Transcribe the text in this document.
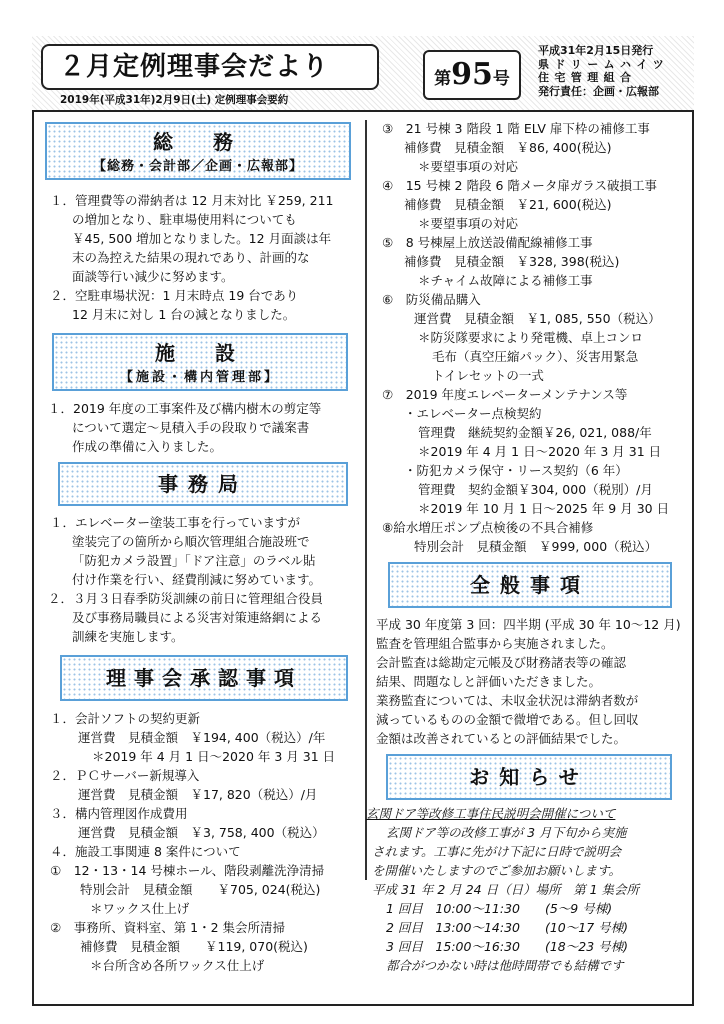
２月定例理事会だより
2019年(平成31年)2月9日(土) 定例理事会要約
第95号
平成31年2月15日発行
県ドリームハイツ
住宅管理組合
発行責任：企画・広報部
総　務
【総務・会計部／企画・広報部】
１．管理費等の滞納者は 12 月末対比 ￥259, 211
の増加となり、駐車場使用料についても
￥45, 500 増加となりました。12 月面談は年
末の為控えた結果の現れであり、計画的な
面談等行い減少に努めます。
２．空駐車場状況：1 月末時点 19 台であり
12 月末に対し 1 台の減となりました。
施　設
【施設・構内管理部】
１．2019 年度の工事案件及び構内樹木の剪定等
について選定～見積入手の段取りで議案書
作成の準備に入りました。
事務局
１．エレベーター塗装工事を行っていますが
塗装完了の箇所から順次管理組合施設班で
「防犯カメラ設置」「ドア注意」のラベル貼
付け作業を行い、経費削減に努めています。
２．３月３日春季防災訓練の前日に管理組合役員
及び事務局職員による災害対策連絡網による
訓練を実施します。
理事会承認事項
１．会計ソフトの契約更新
運営費　見積金額　￥194, 400（税込）/年
＊2019 年 4 月 1 日～2020 年 3 月 31 日
２．ＰＣサーバー新規導入
運営費　見積金額　￥17, 820（税込）/月
３．構内管理図作成費用
運営費　見積金額　￥3, 758, 400（税込）
４．施設工事関連 8 案件について
①　12・13・14 号棟ホール、階段剥離洗浄清掃
特別会計　見積金額　　￥705, 024(税込)
＊ワックス仕上げ
②　事務所、資料室、第 1・2 集会所清掃
補修費　見積金額　　￥119, 070(税込)
＊台所含め各所ワックス仕上げ
③　21 号棟 3 階段 1 階 ELV 扉下枠の補修工事
補修費　見積金額　￥86, 400(税込)
＊要望事項の対応
④　15 号棟 2 階段 6 階メータ扉ガラス破損工事
補修費　見積金額　￥21, 600(税込)
＊要望事項の対応
⑤　8 号棟屋上放送設備配線補修工事
補修費　見積金額　￥328, 398(税込)
＊チャイム故障による補修工事
⑥　防災備品購入
運営費　見積金額　￥1, 085, 550（税込）
＊防災隊要求により発電機、卓上コンロ
毛布（真空圧縮パック）、災害用緊急
トイレセットの一式
⑦　2019 年度エレベーターメンテナンス等
・エレベーター点検契約
管理費　継続契約金額￥26, 021, 088/年
＊2019 年 4 月 1 日～2020 年 3 月 31 日
・防犯カメラ保守・リース契約（6 年）
管理費　契約金額￥304, 000（税別）/月
＊2019 年 10 月 1 日～2025 年 9 月 30 日
⑧給水増圧ポンプ点検後の不具合補修
特別会計　見積金額　￥999, 000（税込）
全般事項
平成 30 年度第 3 回：四半期 (平成 30 年 10～12 月)
監査を管理組合監事から実施されました。
会計監査は総勘定元帳及び財務諸表等の確認
結果、問題なしと評価いただきました。
業務監査については、未収金状況は滞納者数が
減っているものの金額で微増である。但し回収
金額は改善されているとの評価結果でした。
お知らせ
玄関ドア等改修工事住民説明会開催について
玄関ドア等の改修工事が 3 月下旬から実施
されます。工事に先がけ下記に日時で説明会
を開催いたしますのでご参加お願いします。
平成 31 年 2 月 24 日（日）場所　第 1 集会所
1 回目　10:00～11:30　　(5～9 号棟)
2 回目　13:00～14:30　　(10～17 号棟)
3 回目　15:00～16:30　　(18～23 号棟)
都合がつかない時は他時間帯でも結構です
